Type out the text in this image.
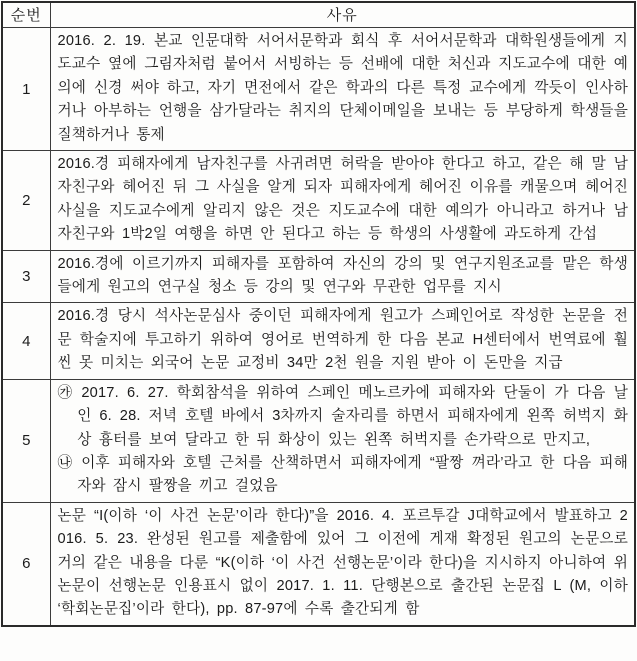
순번	사유
1	2016. 2. 19. 본교 인문대학 서어서문학과 회식 후 서어서문학과 대학원생들에게 지도교수 옆에 그림자처럼 붙어서 서빙하는 등 선배에 대한 처신과 지도교수에 대한 예의에 신경 써야 하고, 자기 면전에서 같은 학과의 다른 특정 교수에게 깍듯이 인사하거나 아부하는 언행을 삼가달라는 취지의 단체이메일을 보내는 등 부당하게 학생들을 질책하거나 통제

2	2016.경 피해자에게 남자친구를 사귀려면 허락을 받아야 한다고 하고, 같은 해 말 남자친구와 헤어진 뒤 그 사실을 알게 되자 피해자에게 헤어진 이유를 캐물으며 헤어진 사실을 지도교수에게 알리지 않은 것은 지도교수에 대한 예의가 아니라고 하거나 남자친구와 1박2일 여행을 하면 안 된다고 하는 등 학생의 사생활에 과도하게 간섭

3	2016.경에 이르기까지 피해자를 포함하여 자신의 강의 및 연구지원조교를 맡은 학생들에게 원고의 연구실 청소 등 강의 및 연구와 무관한 업무를 지시

4	2016.경 당시 석사논문심사 중이던 피해자에게 원고가 스페인어로 작성한 논문을 전문 학술지에 투고하기 위하여 영어로 번역하게 한 다음 본교 H센터에서 번역료에 훨씬 못 미치는 외국어 논문 교정비 34만 2천 원을 지원 받아 이 돈만을 지급

5	㉮ 2017. 6. 27. 학회참석을 위하여 스페인 메노르카에 피해자와 단둘이 가 다음 날인 6. 28. 저녁 호텔 바에서 3차까지 술자리를 하면서 피해자에게 왼쪽 허벅지 화상 흉터를 보여 달라고 한 뒤 화상이 있는 왼쪽 허벅지를 손가락으로 만지고,
㉯ 이후 피해자와 호텔 근처를 산책하면서 피해자에게 “팔짱 껴라’라고 한 다음 피해자와 잠시 팔짱을 끼고 걸었음

6	논문 “I(이하 ‘이 사건 논문’이라 한다)”을 2016. 4. 포르투갈 J대학교에서 발표하고 2016. 5. 23. 완성된 원고를 제출함에 있어 그 이전에 게재 확정된 원고의 논문으로 거의 같은 내용을 다룬 “K(이하 ‘이 사건 선행논문’이라 한다)을 지시하지 아니하여 위 논문이 선행논문 인용표시 없이 2017. 1. 11. 단행본으로 출간된 논문집 L (M, 이하 ‘학회논문집’이라 한다), pp. 87-97에 수록 출간되게 함
